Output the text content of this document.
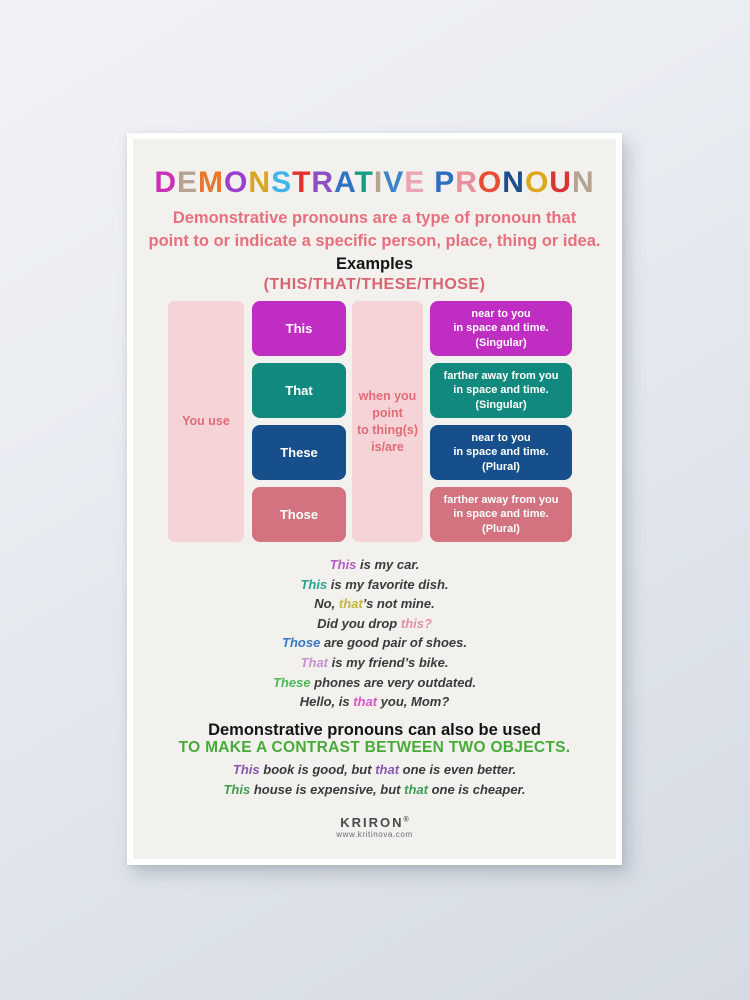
DEMONSTRATIVE PRONOUN
Demonstrative pronouns are a type of pronoun that
point to or indicate a specific person, place, thing or idea.
Examples
(THIS/THAT/THESE/THOSE)
You use
when you
point
to thing(s)
is/are
This
near to you
in space and time.
(Singular)
That
farther away from you
in space and time.
(Singular)
These
near to you
in space and time.
(Plural)
Those
farther away from you
in space and time.
(Plural)
This is my car.
This is my favorite dish.
No, that’s not mine.
Did you drop this?
Those are good pair of shoes.
That is my friend’s bike.
These phones are very outdated.
Hello, is that you, Mom?
Demonstrative pronouns can also be used
TO MAKE A CONTRAST BETWEEN TWO OBJECTS.
This book is good, but that one is even better.
This house is expensive, but that one is cheaper.
KRIRON®
www.kritinova.com
